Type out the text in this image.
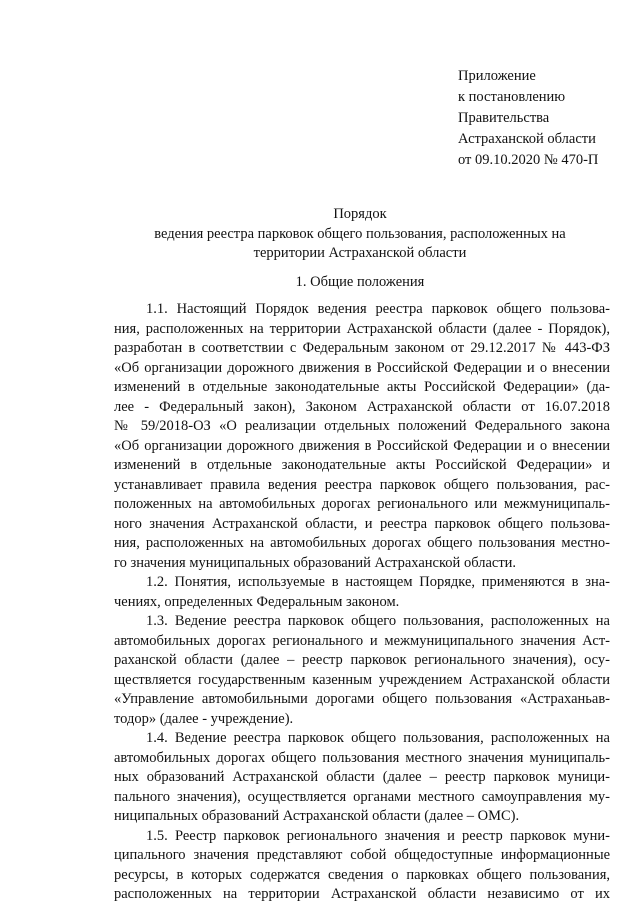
Приложение
к постановлению
Правительства
Астраханской области
от 09.10.2020 № 470-П
Порядок
ведения реестра парковок общего пользования, расположенных на
территории Астраханской области
1. Общие положения
1.1. Настоящий Порядок ведения реестра парковок общего пользова-
ния, расположенных на территории Астраханской области (далее - Порядок),
разработан в соответствии с Федеральным законом от 29.12.2017 № 443-ФЗ
«Об организации дорожного движения в Российской Федерации и о внесении
изменений в отдельные законодательные акты Российской Федерации» (да-
лее - Федеральный закон), Законом Астраханской области от 16.07.2018
№ 59/2018-ОЗ «О реализации отдельных положений Федерального закона
«Об организации дорожного движения в Российской Федерации и о внесении
изменений в отдельные законодательные акты Российской Федерации» и
устанавливает правила ведения реестра парковок общего пользования, рас-
положенных на автомобильных дорогах регионального или межмуниципаль-
ного значения Астраханской области, и реестра парковок общего пользова-
ния, расположенных на автомобильных дорогах общего пользования местно-
го значения муниципальных образований Астраханской области.
1.2. Понятия, используемые в настоящем Порядке, применяются в зна-
чениях, определенных Федеральным законом.
1.3. Ведение реестра парковок общего пользования, расположенных на
автомобильных дорогах регионального и межмуниципального значения Аст-
раханской области (далее – реестр парковок регионального значения), осу-
ществляется государственным казенным учреждением Астраханской области
«Управление автомобильными дорогами общего пользования «Астраханьав-
тодор» (далее - учреждение).
1.4. Ведение реестра парковок общего пользования, расположенных на
автомобильных дорогах общего пользования местного значения муниципаль-
ных образований Астраханской области (далее – реестр парковок муници-
пального значения), осуществляется органами местного самоуправления му-
ниципальных образований Астраханской области (далее – ОМС).
1.5. Реестр парковок регионального значения и реестр парковок муни-
ципального значения представляют собой общедоступные информационные
ресурсы, в которых содержатся сведения о парковках общего пользования,
расположенных на территории Астраханской области независимо от их
